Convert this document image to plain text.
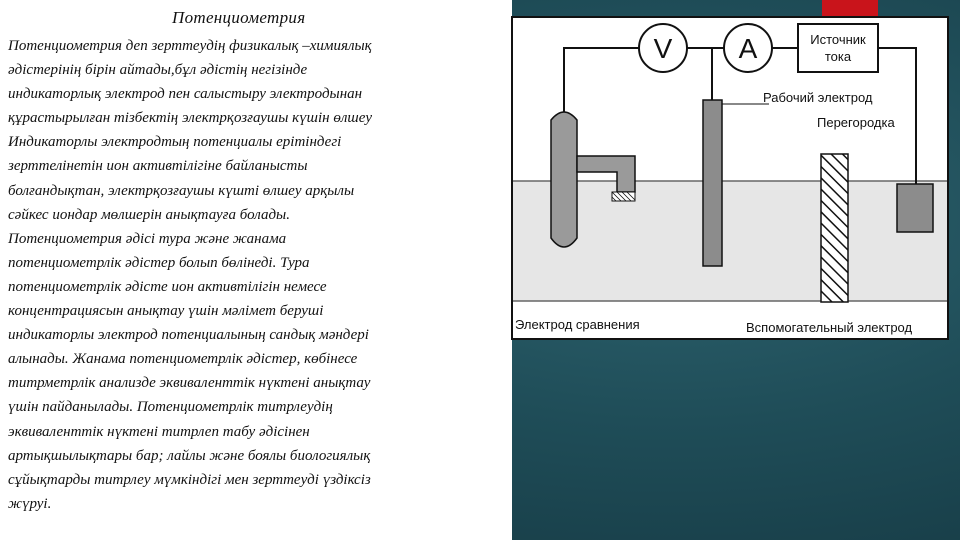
Потенциометрия
Потенциометрия деп зерттеудің физикалық –химиялық
әдістерінің бірін айтады,бұл әдістің негізінде
индикаторлық электрод пен салыстыру электродынан
құрастырылған тізбектің электрқозғаушы күшін өлшеу
Индикаторлы электродтың потенциалы ерітіндегі
зерттелінетін ион активтілігіне байланысты
болғандықтан, электрқозғаушы күшті өлшеу арқылы
сәйкес иондар мөлшерін анықтауға болады.
Потенциометрия әдісі тура және жанама
потенциометрлік әдістер болып бөлінеді. Тура
потенциометрлік әдісте ион активтілігін немесе
концентрациясын анықтау үшін мәлімет беруші
индикаторлы электрод потенциалының сандық мәндері
алынады. Жанама потенциометрлік әдістер, көбінесе
титрметрлік анализде эквиваленттік нүктені анықтау
үшін пайданылады. Потенциометрлік титрлеудің
эквиваленттік нүктені титрлеп табу әдісінен
артықшылықтары бар; лайлы және боялы биологиялық
сұйықтарды титрлеу мүмкіндігі мен зерттеуді үздіксіз
жүруі.
V A	Источник
тока
Рабочий электрод
Перегородка
Электрод сравнения	Вспомогательный электрод
